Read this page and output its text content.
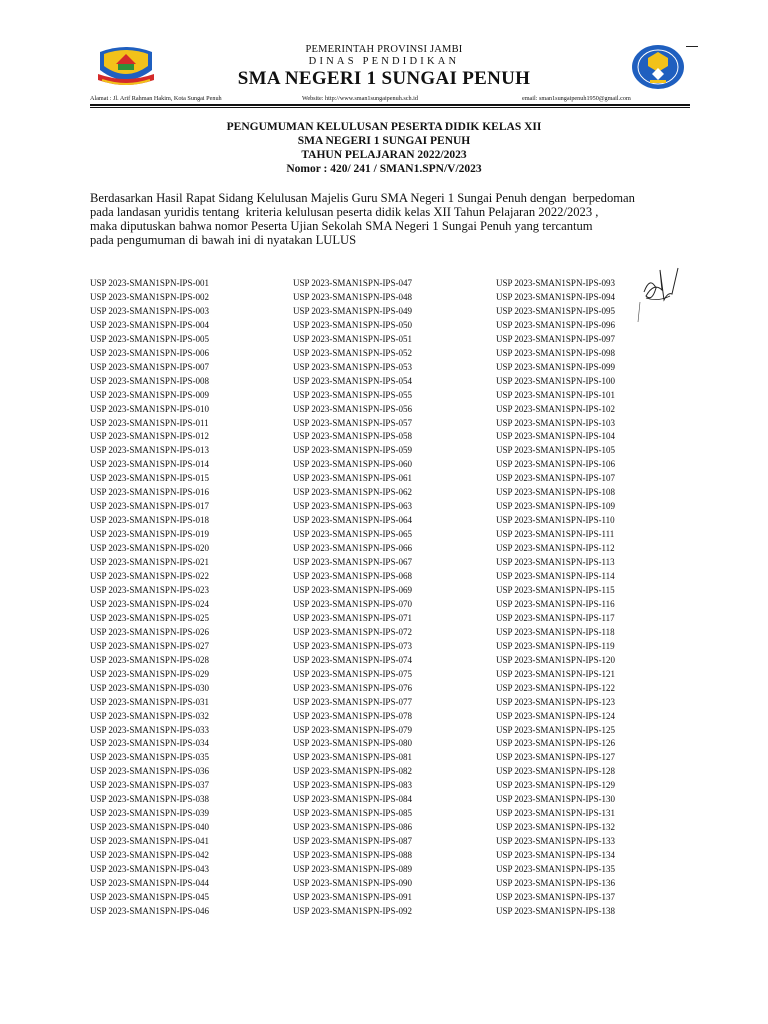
PEMERINTAH PROVINSI JAMBI
DINAS PENDIDIKAN
SMA NEGERI 1 SUNGAI PENUH
Alamat : Jl. Arif Rahman Hakim, Kota Sungai Penuh	Website: http://www.sman1sungaipenuh.sch.id	email: sman1sungaipenuh1950@gmail.com
PENGUMUMAN KELULUSAN PESERTA DIDIK KELAS XII
SMA NEGERI 1 SUNGAI PENUH
TAHUN PELAJARAN 2022/2023
Nomor : 420/ 241 / SMAN1.SPN/V/2023
Berdasarkan Hasil Rapat Sidang Kelulusan Majelis Guru SMA Negeri 1 Sungai Penuh dengan  berpedoman
pada landasan yuridis tentang  kriteria kelulusan peserta didik kelas XII Tahun Pelajaran 2022/2023 ,
maka diputuskan bahwa nomor Peserta Ujian Sekolah SMA Negeri 1 Sungai Penuh yang tercantum
pada pengumuman di bawah ini di nyatakan LULUS
USP 2023-SMAN1SPN-IPS-001
USP 2023-SMAN1SPN-IPS-002
USP 2023-SMAN1SPN-IPS-003
USP 2023-SMAN1SPN-IPS-004
USP 2023-SMAN1SPN-IPS-005
USP 2023-SMAN1SPN-IPS-006
USP 2023-SMAN1SPN-IPS-007
USP 2023-SMAN1SPN-IPS-008
USP 2023-SMAN1SPN-IPS-009
USP 2023-SMAN1SPN-IPS-010
USP 2023-SMAN1SPN-IPS-011
USP 2023-SMAN1SPN-IPS-012
USP 2023-SMAN1SPN-IPS-013
USP 2023-SMAN1SPN-IPS-014
USP 2023-SMAN1SPN-IPS-015
USP 2023-SMAN1SPN-IPS-016
USP 2023-SMAN1SPN-IPS-017
USP 2023-SMAN1SPN-IPS-018
USP 2023-SMAN1SPN-IPS-019
USP 2023-SMAN1SPN-IPS-020
USP 2023-SMAN1SPN-IPS-021
USP 2023-SMAN1SPN-IPS-022
USP 2023-SMAN1SPN-IPS-023
USP 2023-SMAN1SPN-IPS-024
USP 2023-SMAN1SPN-IPS-025
USP 2023-SMAN1SPN-IPS-026
USP 2023-SMAN1SPN-IPS-027
USP 2023-SMAN1SPN-IPS-028
USP 2023-SMAN1SPN-IPS-029
USP 2023-SMAN1SPN-IPS-030
USP 2023-SMAN1SPN-IPS-031
USP 2023-SMAN1SPN-IPS-032
USP 2023-SMAN1SPN-IPS-033
USP 2023-SMAN1SPN-IPS-034
USP 2023-SMAN1SPN-IPS-035
USP 2023-SMAN1SPN-IPS-036
USP 2023-SMAN1SPN-IPS-037
USP 2023-SMAN1SPN-IPS-038
USP 2023-SMAN1SPN-IPS-039
USP 2023-SMAN1SPN-IPS-040
USP 2023-SMAN1SPN-IPS-041
USP 2023-SMAN1SPN-IPS-042
USP 2023-SMAN1SPN-IPS-043
USP 2023-SMAN1SPN-IPS-044
USP 2023-SMAN1SPN-IPS-045
USP 2023-SMAN1SPN-IPS-046
USP 2023-SMAN1SPN-IPS-047
USP 2023-SMAN1SPN-IPS-048
USP 2023-SMAN1SPN-IPS-049
USP 2023-SMAN1SPN-IPS-050
USP 2023-SMAN1SPN-IPS-051
USP 2023-SMAN1SPN-IPS-052
USP 2023-SMAN1SPN-IPS-053
USP 2023-SMAN1SPN-IPS-054
USP 2023-SMAN1SPN-IPS-055
USP 2023-SMAN1SPN-IPS-056
USP 2023-SMAN1SPN-IPS-057
USP 2023-SMAN1SPN-IPS-058
USP 2023-SMAN1SPN-IPS-059
USP 2023-SMAN1SPN-IPS-060
USP 2023-SMAN1SPN-IPS-061
USP 2023-SMAN1SPN-IPS-062
USP 2023-SMAN1SPN-IPS-063
USP 2023-SMAN1SPN-IPS-064
USP 2023-SMAN1SPN-IPS-065
USP 2023-SMAN1SPN-IPS-066
USP 2023-SMAN1SPN-IPS-067
USP 2023-SMAN1SPN-IPS-068
USP 2023-SMAN1SPN-IPS-069
USP 2023-SMAN1SPN-IPS-070
USP 2023-SMAN1SPN-IPS-071
USP 2023-SMAN1SPN-IPS-072
USP 2023-SMAN1SPN-IPS-073
USP 2023-SMAN1SPN-IPS-074
USP 2023-SMAN1SPN-IPS-075
USP 2023-SMAN1SPN-IPS-076
USP 2023-SMAN1SPN-IPS-077
USP 2023-SMAN1SPN-IPS-078
USP 2023-SMAN1SPN-IPS-079
USP 2023-SMAN1SPN-IPS-080
USP 2023-SMAN1SPN-IPS-081
USP 2023-SMAN1SPN-IPS-082
USP 2023-SMAN1SPN-IPS-083
USP 2023-SMAN1SPN-IPS-084
USP 2023-SMAN1SPN-IPS-085
USP 2023-SMAN1SPN-IPS-086
USP 2023-SMAN1SPN-IPS-087
USP 2023-SMAN1SPN-IPS-088
USP 2023-SMAN1SPN-IPS-089
USP 2023-SMAN1SPN-IPS-090
USP 2023-SMAN1SPN-IPS-091
USP 2023-SMAN1SPN-IPS-092
USP 2023-SMAN1SPN-IPS-093
USP 2023-SMAN1SPN-IPS-094
USP 2023-SMAN1SPN-IPS-095
USP 2023-SMAN1SPN-IPS-096
USP 2023-SMAN1SPN-IPS-097
USP 2023-SMAN1SPN-IPS-098
USP 2023-SMAN1SPN-IPS-099
USP 2023-SMAN1SPN-IPS-100
USP 2023-SMAN1SPN-IPS-101
USP 2023-SMAN1SPN-IPS-102
USP 2023-SMAN1SPN-IPS-103
USP 2023-SMAN1SPN-IPS-104
USP 2023-SMAN1SPN-IPS-105
USP 2023-SMAN1SPN-IPS-106
USP 2023-SMAN1SPN-IPS-107
USP 2023-SMAN1SPN-IPS-108
USP 2023-SMAN1SPN-IPS-109
USP 2023-SMAN1SPN-IPS-110
USP 2023-SMAN1SPN-IPS-111
USP 2023-SMAN1SPN-IPS-112
USP 2023-SMAN1SPN-IPS-113
USP 2023-SMAN1SPN-IPS-114
USP 2023-SMAN1SPN-IPS-115
USP 2023-SMAN1SPN-IPS-116
USP 2023-SMAN1SPN-IPS-117
USP 2023-SMAN1SPN-IPS-118
USP 2023-SMAN1SPN-IPS-119
USP 2023-SMAN1SPN-IPS-120
USP 2023-SMAN1SPN-IPS-121
USP 2023-SMAN1SPN-IPS-122
USP 2023-SMAN1SPN-IPS-123
USP 2023-SMAN1SPN-IPS-124
USP 2023-SMAN1SPN-IPS-125
USP 2023-SMAN1SPN-IPS-126
USP 2023-SMAN1SPN-IPS-127
USP 2023-SMAN1SPN-IPS-128
USP 2023-SMAN1SPN-IPS-129
USP 2023-SMAN1SPN-IPS-130
USP 2023-SMAN1SPN-IPS-131
USP 2023-SMAN1SPN-IPS-132
USP 2023-SMAN1SPN-IPS-133
USP 2023-SMAN1SPN-IPS-134
USP 2023-SMAN1SPN-IPS-135
USP 2023-SMAN1SPN-IPS-136
USP 2023-SMAN1SPN-IPS-137
USP 2023-SMAN1SPN-IPS-138
